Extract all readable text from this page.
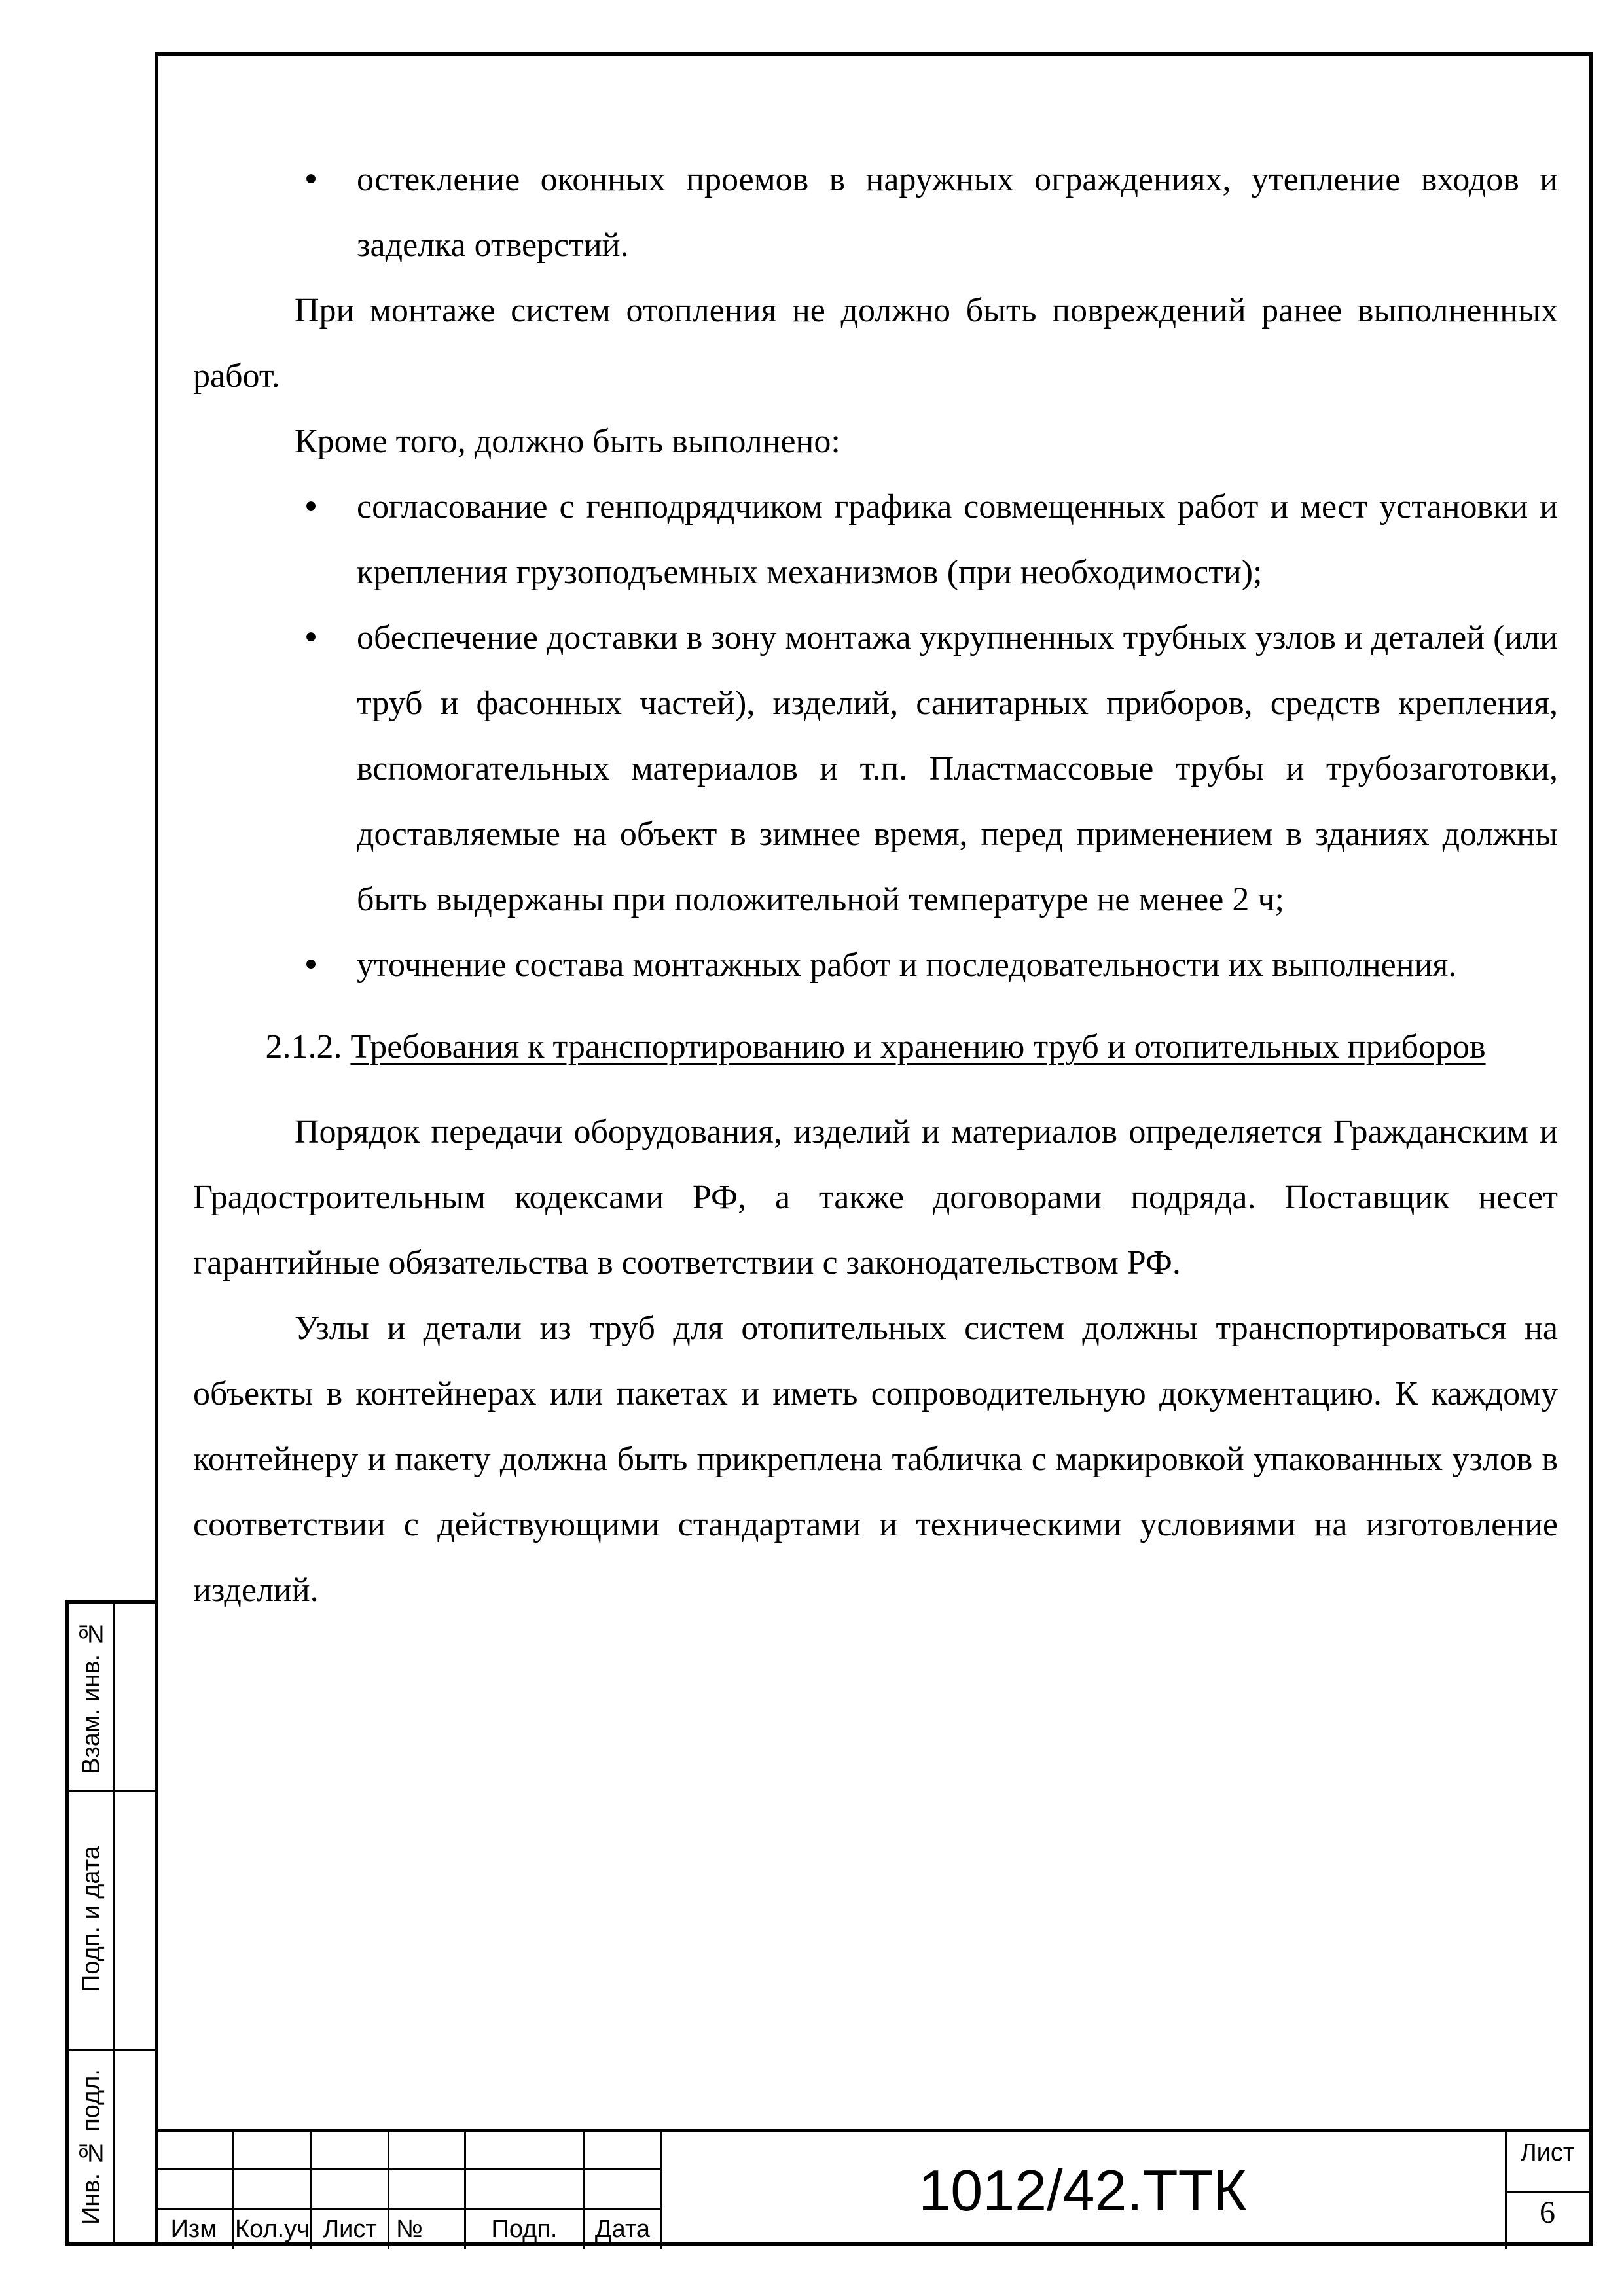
• остекление оконных проемов в наружных ограждениях, утепление входов и заделка отверстий.

При монтаже систем отопления не должно быть повреждений ранее выполненных работ.

Кроме того, должно быть выполнено:

• согласование с генподрядчиком графика совмещенных работ и мест установки и крепления грузоподъемных механизмов (при необходимости);

• обеспечение доставки в зону монтажа укрупненных трубных узлов и деталей (или труб и фасонных частей), изделий, санитарных приборов, средств крепления, вспомогательных материалов и т.п. Пластмассовые трубы и трубозаготовки, доставляемые на объект в зимнее время, перед применением в зданиях должны быть выдержаны при положительной температуре не менее 2 ч;

• уточнение состава монтажных работ и последовательности их выполнения.

2.1.2. Требования к транспортированию и хранению труб и отопительных приборов

Порядок передачи оборудования, изделий и материалов определяется Гражданским и Градостроительным кодексами РФ, а также договорами подряда. Поставщик несет гарантийные обязательства в соответствии с законодательством РФ.

Узлы и детали из труб для отопительных систем должны транспортироваться на объекты в контейнерах или пакетах и иметь сопроводительную документацию. К каждому контейнеру и пакету должна быть прикреплена табличка с маркировкой упакованных узлов в соответствии с действующими стандартами и техническими условиями на изготовление изделий.

Взам. инв. №
Подп. и дата
Инв. № подл.
Изм Кол.уч Лист №	Подп.	Дата
1012/42.ТТК
Лист
6
